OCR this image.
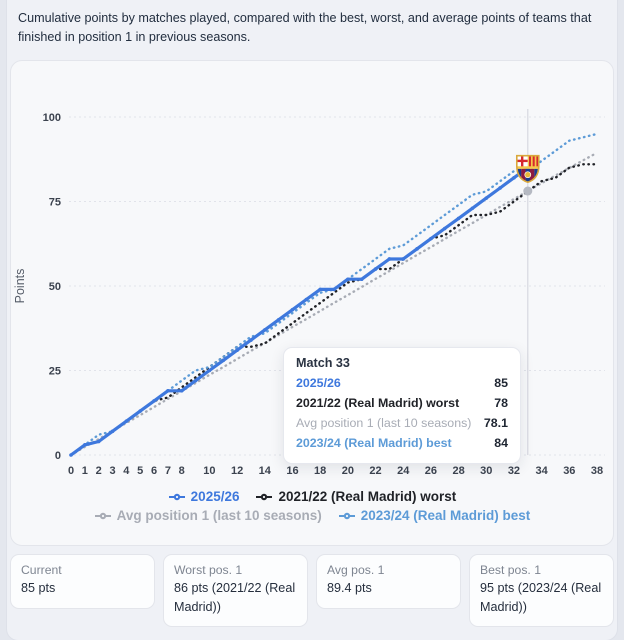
Cumulative points by matches played, compared with the best, worst, and average points of teams that finished in position 1 in previous seasons.

0
25
50
75
100
0 1 2 3 4 5 6 7 8 10 12 14 16 18 20 22 24 26 28 30 32 34 36 38
Points
2025/26	2021/22 (Real Madrid) worst
Avg position 1 (last 10 seasons)	2023/24 (Real Madrid) best
Match 33
2025/26	85
2021/22 (Real Madrid) worst	78
Avg position 1 (last 10 seasons) 78.1
2023/24 (Real Madrid) best	84
Current
85 pts
Worst pos. 1
86 pts (2021/22 (Real Madrid))
Avg pos. 1
89.4 pts
Best pos. 1
95 pts (2023/24 (Real Madrid))
